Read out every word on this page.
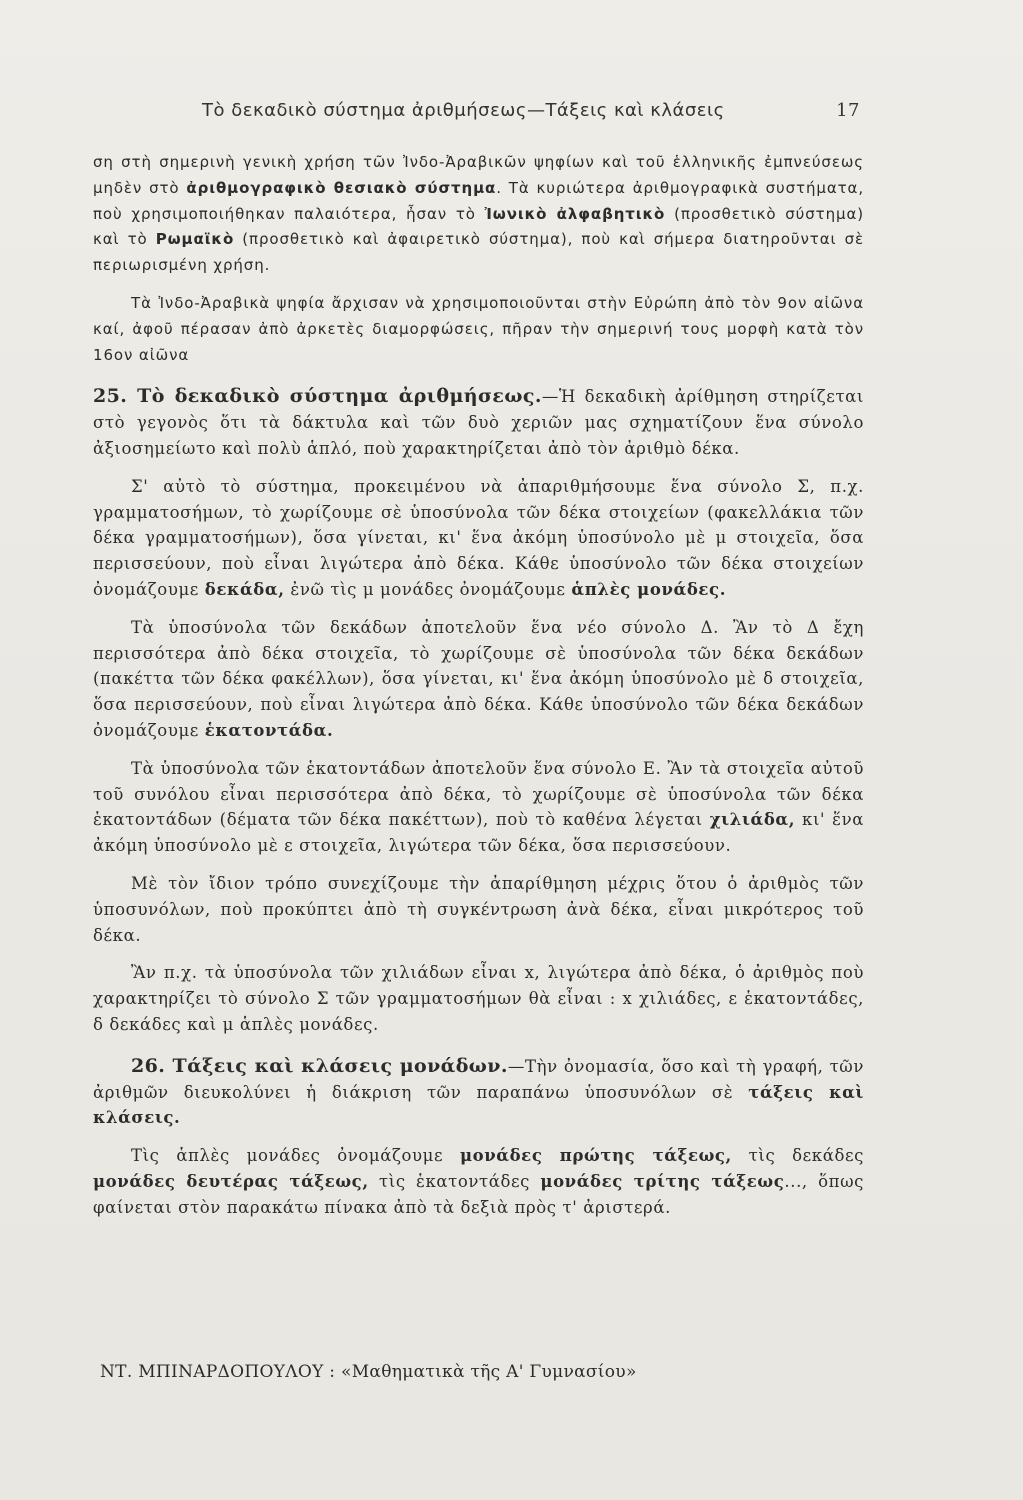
Τὸ δεκαδικὸ σύστημα ἀριθμήσεως—Τάξεις καὶ κλάσεις	17

ση στὴ σημερινὴ γενικὴ χρήση τῶν Ἰνδο-Ἀραβικῶν ψηφίων καὶ τοῦ ἑλληνικῆς ἐμπνεύσεως μηδὲν στὸ ἀριθμογραφικὸ θεσιακὸ σύστημα. Τὰ κυριώτερα ἀριθμογραφικὰ συστήματα, ποὺ χρησιμοποιήθηκαν παλαιότερα, ἦσαν τὸ Ἰωνικὸ ἀλφαβητικὸ (προσθετικὸ σύστημα) καὶ τὸ Ρωμαϊκὸ (προσθετικὸ καὶ ἀφαιρετικὸ σύστημα), ποὺ καὶ σήμερα διατηροῦνται σὲ περιωρισμένη χρήση.

Τὰ Ἰνδο-Ἀραβικὰ ψηφία ἄρχισαν νὰ χρησιμοποιοῦνται στὴν Εὐρώπη ἀπὸ τὸν 9ον αἰῶνα καί, ἀφοῦ πέρασαν ἀπὸ ἀρκετὲς διαμορφώσεις, πῆραν τὴν σημερινή τους μορφὴ κατὰ τὸν 16ον αἰῶνα

25. Τὸ δεκαδικὸ σύστημα ἀριθμήσεως.—Ἡ δεκαδικὴ ἀρίθμηση στηρίζεται στὸ γεγονὸς ὅτι τὰ δάκτυλα καὶ τῶν δυὸ χεριῶν μας σχηματίζουν ἕνα σύνολο ἀξιοσημείωτο καὶ πολὺ ἁπλό, ποὺ χαρακτηρίζεται ἀπὸ τὸν ἀριθμὸ δέκα.

Σ' αὐτὸ τὸ σύστημα, προκειμένου νὰ ἀπαριθμήσουμε ἕνα σύνολο Σ, π.χ. γραμματοσήμων, τὸ χωρίζουμε σὲ ὑποσύνολα τῶν δέκα στοιχείων (φακελλάκια τῶν δέκα γραμματοσήμων), ὅσα γίνεται, κι' ἕνα ἀκόμη ὑποσύνολο μὲ μ στοιχεῖα, ὅσα περισσεύουν, ποὺ εἶναι λιγώτερα ἀπὸ δέκα. Κάθε ὑποσύνολο τῶν δέκα στοιχείων ὀνομάζουμε δεκάδα, ἐνῶ τὶς μ μονάδες ὀνομάζουμε ἁπλὲς μονάδες.

Τὰ ὑποσύνολα τῶν δεκάδων ἀποτελοῦν ἕνα νέο σύνολο Δ. Ἂν τὸ Δ ἔχη περισσότερα ἀπὸ δέκα στοιχεῖα, τὸ χωρίζουμε σὲ ὑποσύνολα τῶν δέκα δεκάδων (πακέττα τῶν δέκα φακέλλων), ὅσα γίνεται, κι' ἕνα ἀκόμη ὑποσύνολο μὲ δ στοιχεῖα, ὅσα περισσεύουν, ποὺ εἶναι λιγώτερα ἀπὸ δέκα. Κάθε ὑποσύνολο τῶν δέκα δεκάδων ὀνομάζουμε ἑκατοντάδα.

Τὰ ὑποσύνολα τῶν ἑκατοντάδων ἀποτελοῦν ἕνα σύνολο Ε. Ἂν τὰ στοιχεῖα αὐτοῦ τοῦ συνόλου εἶναι περισσότερα ἀπὸ δέκα, τὸ χωρίζουμε σὲ ὑποσύνολα τῶν δέκα ἑκατοντάδων (δέματα τῶν δέκα πακέττων), ποὺ τὸ καθένα λέγεται χιλιάδα, κι' ἕνα ἀκόμη ὑποσύνολο μὲ ε στοιχεῖα, λιγώτερα τῶν δέκα, ὅσα περισσεύουν.

Μὲ τὸν ἴδιον τρόπο συνεχίζουμε τὴν ἀπαρίθμηση μέχρις ὅτου ὁ ἀριθμὸς τῶν ὑποσυνόλων, ποὺ προκύπτει ἀπὸ τὴ συγκέντρωση ἀνὰ δέκα, εἶναι μικρότερος τοῦ δέκα.

Ἂν π.χ. τὰ ὑποσύνολα τῶν χιλιάδων εἶναι x, λιγώτερα ἀπὸ δέκα, ὁ ἀριθμὸς ποὺ χαρακτηρίζει τὸ σύνολο Σ τῶν γραμματοσήμων θὰ εἶναι : x χιλιάδες, ε ἑκατοντάδες, δ δεκάδες καὶ μ ἁπλὲς μονάδες.

26. Τάξεις καὶ κλάσεις μονάδων.—Τὴν ὀνομασία, ὅσο καὶ τὴ γραφή, τῶν ἀριθμῶν διευκολύνει ἡ διάκριση τῶν παραπάνω ὑποσυνόλων σὲ τάξεις καὶ κλάσεις.

Τὶς ἁπλὲς μονάδες ὀνομάζουμε μονάδες πρώτης τάξεως, τὶς δεκάδες μονάδες δευτέρας τάξεως, τὶς ἑκατοντάδες μονάδες τρίτης τάξεως..., ὅπως φαίνεται στὸν παρακάτω πίνακα ἀπὸ τὰ δεξιὰ πρὸς τ' ἀριστερά.

ΝΤ. ΜΠΙΝΑΡΔΟΠΟΥΛΟΥ : «Μαθηματικὰ τῆς Α' Γυμνασίου»
